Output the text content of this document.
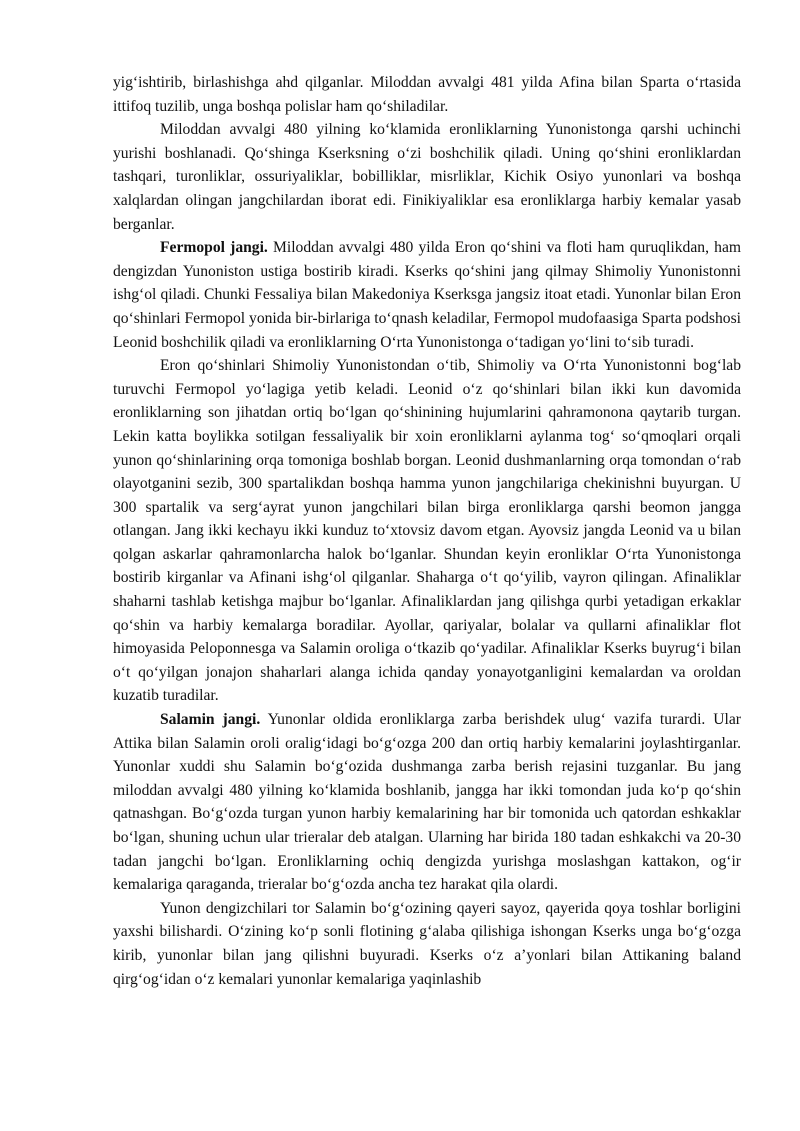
yig‘ishtirib, birlashishga ahd qilganlar. Miloddan avvalgi 481 yilda Afina bilan Sparta o‘rtasida ittifoq tuzilib, unga boshqa polislar ham qo‘shiladilar.

Miloddan avvalgi 480 yilning ko‘klamida eronliklarning Yunonistonga qarshi uchinchi yurishi boshlanadi. Qo‘shinga Kserksning o‘zi boshchilik qiladi. Uning qo‘shini eronliklardan tashqari, turonliklar, ossuriyaliklar, bobilliklar, misrliklar, Kichik Osiyo yunonlari va boshqa xalqlardan olingan jangchilardan iborat edi. Finikiyaliklar esa eronliklarga harbiy kemalar yasab berganlar.

Fermopol jangi. Miloddan avvalgi 480 yilda Eron qo‘shini va floti ham quruqlikdan, ham dengizdan Yunoniston ustiga bostirib kiradi. Kserks qo‘shini jang qilmay Shimoliy Yunonistonni ishg‘ol qiladi. Chunki Fessaliya bilan Makedoniya Kserksga jangsiz itoat etadi. Yunonlar bilan Eron qo‘shinlari Fermopol yonida bir-birlariga to‘qnash keladilar, Fermopol mudofaasiga Sparta podshosi Leonid boshchilik qiladi va eronliklarning O‘rta Yunonistonga o‘tadigan yo‘lini to‘sib turadi.

Eron qo‘shinlari Shimoliy Yunonistondan o‘tib, Shimoliy va O‘rta Yunonistonni bog‘lab turuvchi Fermopol yo‘lagiga yetib keladi. Leonid o‘z qo‘shinlari bilan ikki kun davomida eronliklarning son jihatdan ortiq bo‘lgan qo‘shinining hujumlarini qahramonona qaytarib turgan. Lekin katta boylikka sotilgan fessaliyalik bir xoin eronliklarni aylanma tog‘ so‘qmoqlari orqali yunon qo‘shinlarining orqa tomoniga boshlab borgan. Leonid dushmanlarning orqa tomondan o‘rab olayotganini sezib, 300 spartalikdan boshqa hamma yunon jangchilariga chekinishni buyurgan. U 300 spartalik va serg‘ayrat yunon jangchilari bilan birga eronliklarga qarshi beomon jangga otlangan. Jang ikki kechayu ikki kunduz to‘xtovsiz davom etgan. Ayovsiz jangda Leonid va u bilan qolgan askarlar qahramonlarcha halok bo‘lganlar. Shundan keyin eronliklar O‘rta Yunonistonga bostirib kirganlar va Afinani ishg‘ol qilganlar. Shaharga o‘t qo‘yilib, vayron qilingan. Afinaliklar shaharni tashlab ketishga majbur bo‘lganlar. Afinaliklardan jang qilishga qurbi yetadigan erkaklar qo‘shin va harbiy kemalarga boradilar. Ayollar, qariyalar, bolalar va qullarni afinaliklar flot himoyasida Peloponnesga va Salamin oroliga o‘tkazib qo‘yadilar. Afinaliklar Kserks buyrug‘i bilan o‘t qo‘yilgan jonajon shaharlari alanga ichida qanday yonayotganligini kemalardan va oroldan kuzatib turadilar.

Salamin jangi. Yunonlar oldida eronliklarga zarba berishdek ulug‘ vazifa turardi. Ular Attika bilan Salamin oroli oralig‘idagi bo‘g‘ozga 200 dan ortiq harbiy kemalarini joylashtirganlar. Yunonlar xuddi shu Salamin bo‘g‘ozida dushmanga zarba berish rejasini tuzganlar. Bu jang miloddan avvalgi 480 yilning ko‘klamida boshlanib, jangga har ikki tomondan juda ko‘p qo‘shin qatnashgan. Bo‘g‘ozda turgan yunon harbiy kemalarining har bir tomonida uch qatordan eshkaklar bo‘lgan, shuning uchun ular trieralar deb atalgan. Ularning har birida 180 tadan eshkakchi va 20-30 tadan jangchi bo‘lgan. Eronliklarning ochiq dengizda yurishga moslashgan kattakon, og‘ir kemalariga qaraganda, trieralar bo‘g‘ozda ancha tez harakat qila olardi.

Yunon dengizchilari tor Salamin bo‘g‘ozining qayeri sayoz, qayerida qoya toshlar borligini yaxshi bilishardi. O‘zining ko‘p sonli flotining g‘alaba qilishiga ishongan Kserks unga bo‘g‘ozga kirib, yunonlar bilan jang qilishni buyuradi. Kserks o‘z a’yonlari bilan Attikaning baland qirg‘og‘idan o‘z kemalari yunonlar kemalariga yaqinlashib
